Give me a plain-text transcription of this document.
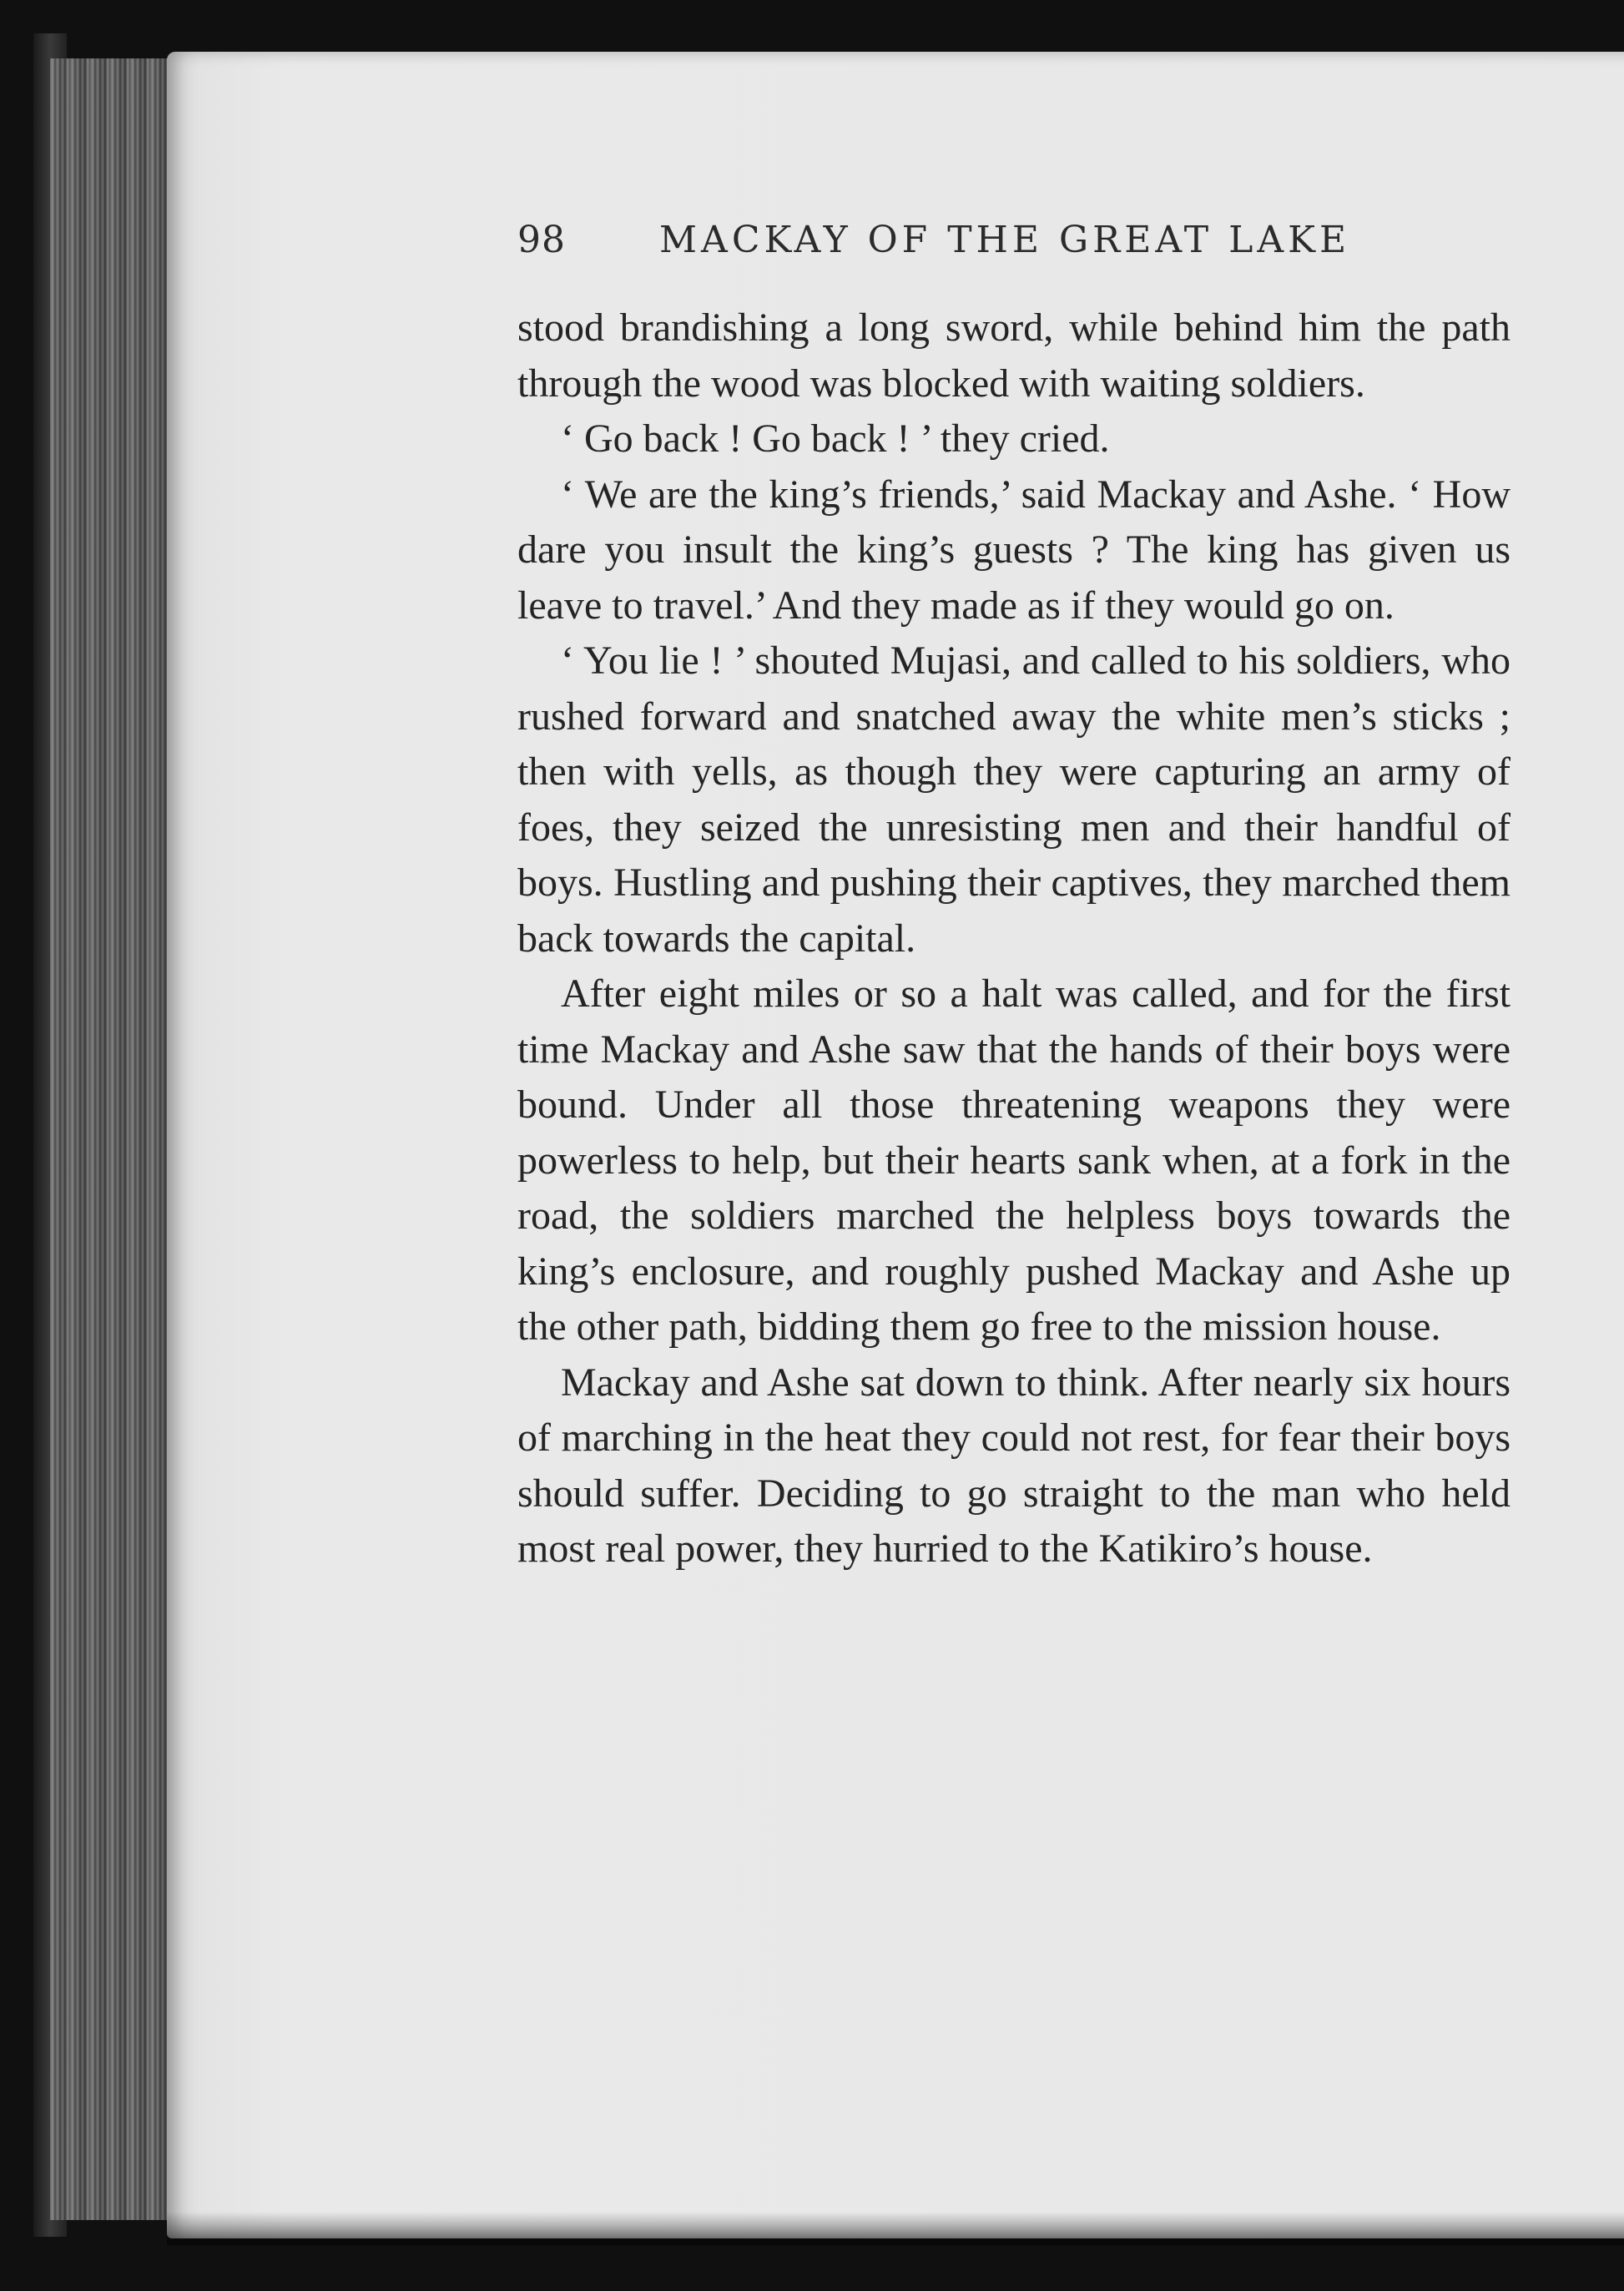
98	MACKAY OF THE GREAT LAKE

stood brandishing a long sword, while behind him the path through the wood was blocked with waiting soldiers.

‘ Go back ! Go back ! ’ they cried.

‘ We are the king’s friends,’ said Mackay and Ashe. ‘ How dare you insult the king’s guests ? The king has given us leave to travel.’ And they made as if they would go on.

‘ You lie ! ’ shouted Mujasi, and called to his soldiers, who rushed forward and snatched away the white men’s sticks ; then with yells, as though they were capturing an army of foes, they seized the unresisting men and their handful of boys. Hustling and pushing their captives, they marched them back towards the capital.

After eight miles or so a halt was called, and for the first time Mackay and Ashe saw that the hands of their boys were bound. Under all those threatening weapons they were powerless to help, but their hearts sank when, at a fork in the road, the soldiers marched the helpless boys towards the king’s enclosure, and roughly pushed Mackay and Ashe up the other path, bidding them go free to the mission house.

Mackay and Ashe sat down to think. After nearly six hours of marching in the heat they could not rest, for fear their boys should suffer. Deciding to go straight to the man who held most real power, they hurried to the Katikiro’s house.
